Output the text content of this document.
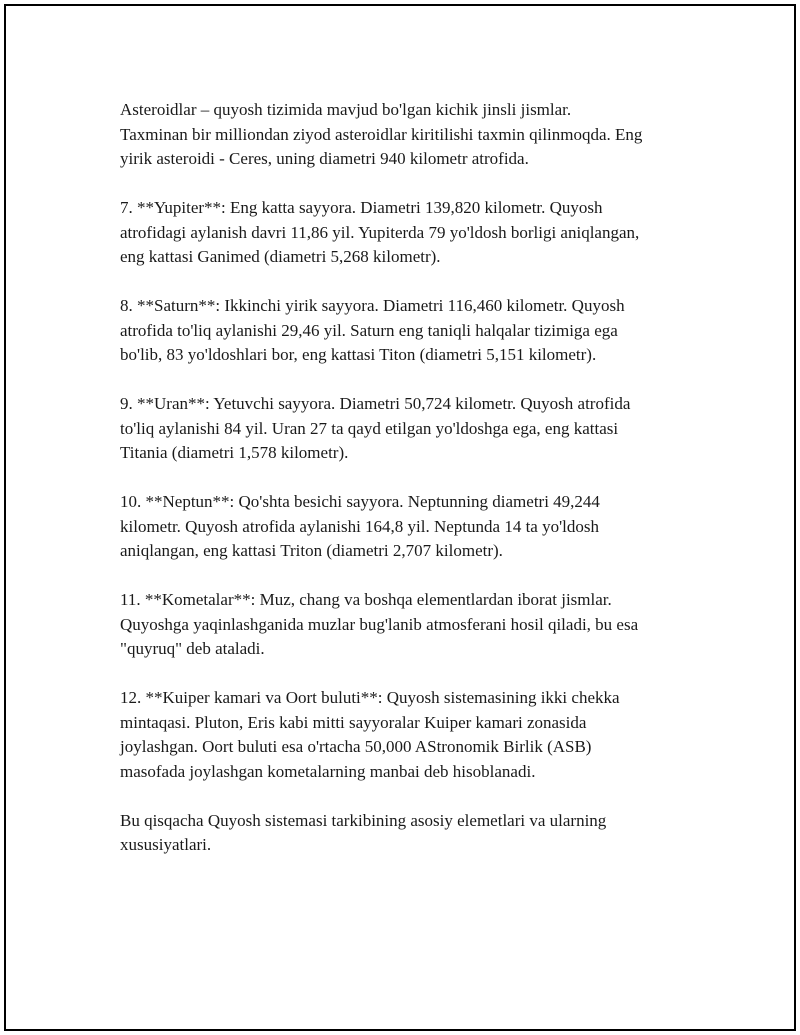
Asteroidlar – quyosh tizimida mavjud bo'lgan kichik jinsli jismlar.
Taxminan bir milliondan ziyod asteroidlar kiritilishi taxmin qilinmoqda. Eng
yirik asteroidi - Ceres, uning diametri 940 kilometr atrofida.

7. **Yupiter**: Eng katta sayyora. Diametri 139,820 kilometr. Quyosh
atrofidagi aylanish davri 11,86 yil. Yupiterda 79 yo'ldosh borligi aniqlangan,
eng kattasi Ganimed (diametri 5,268 kilometr).

8. **Saturn**: Ikkinchi yirik sayyora. Diametri 116,460 kilometr. Quyosh
atrofida to'liq aylanishi 29,46 yil. Saturn eng taniqli halqalar tizimiga ega
bo'lib, 83 yo'ldoshlari bor, eng kattasi Titon (diametri 5,151 kilometr).

9. **Uran**: Yetuvchi sayyora. Diametri 50,724 kilometr. Quyosh atrofida
to'liq aylanishi 84 yil. Uran 27 ta qayd etilgan yo'ldoshga ega, eng kattasi
Titania (diametri 1,578 kilometr).

10. **Neptun**: Qo'shta besichi sayyora. Neptunning diametri 49,244
kilometr. Quyosh atrofida aylanishi 164,8 yil. Neptunda 14 ta yo'ldosh
aniqlangan, eng kattasi Triton (diametri 2,707 kilometr).

11. **Kometalar**: Muz, chang va boshqa elementlardan iborat jismlar.
Quyoshga yaqinlashganida muzlar bug'lanib atmosferani hosil qiladi, bu esa
"quyruq" deb ataladi.

12. **Kuiper kamari va Oort buluti**: Quyosh sistemasining ikki chekka
mintaqasi. Pluton, Eris kabi mitti sayyoralar Kuiper kamari zonasida
joylashgan. Oort buluti esa o'rtacha 50,000 AStronomik Birlik (ASB)
masofada joylashgan kometalarning manbai deb hisoblanadi.

Bu qisqacha Quyosh sistemasi tarkibining asosiy elemetlari va ularning
xususiyatlari.
